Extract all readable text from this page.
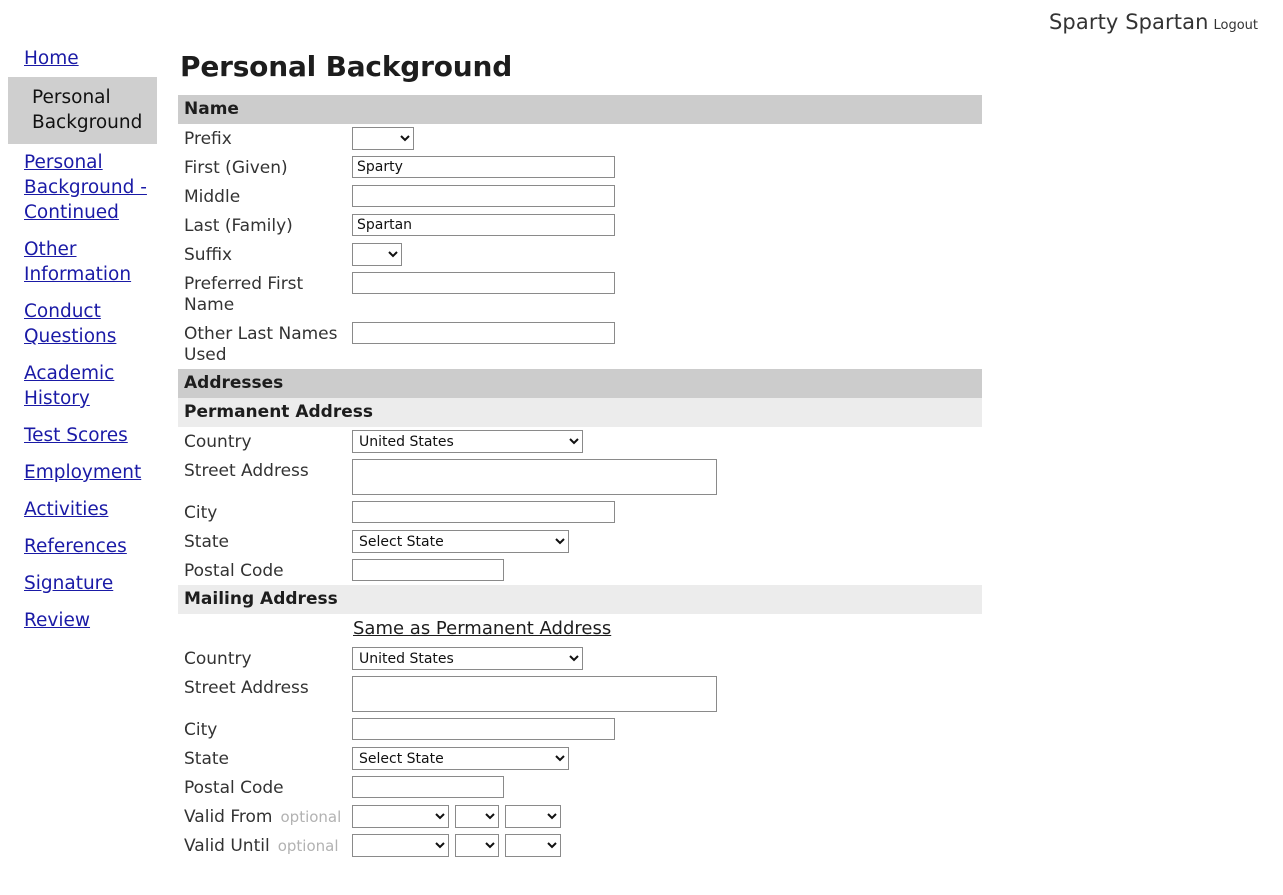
Sparty Spartan Logout
Home
Personal Background
Personal Background - Continued
Other Information
Conduct Questions
Academic History
Test Scores
Employment
Activities
References
Signature
Review
Personal Background
Name
Prefix
First (Given)
Sparty
Middle
Last (Family)
Spartan
Suffix
Preferred First Name
Other Last Names Used
Addresses
Permanent Address
Country
United States
Street Address
City
State
Select State
Postal Code
Mailing Address
Same as Permanent Address
Country
United States
Street Address
City
State
Select State
Postal Code
Valid From optional
Valid Until optional
